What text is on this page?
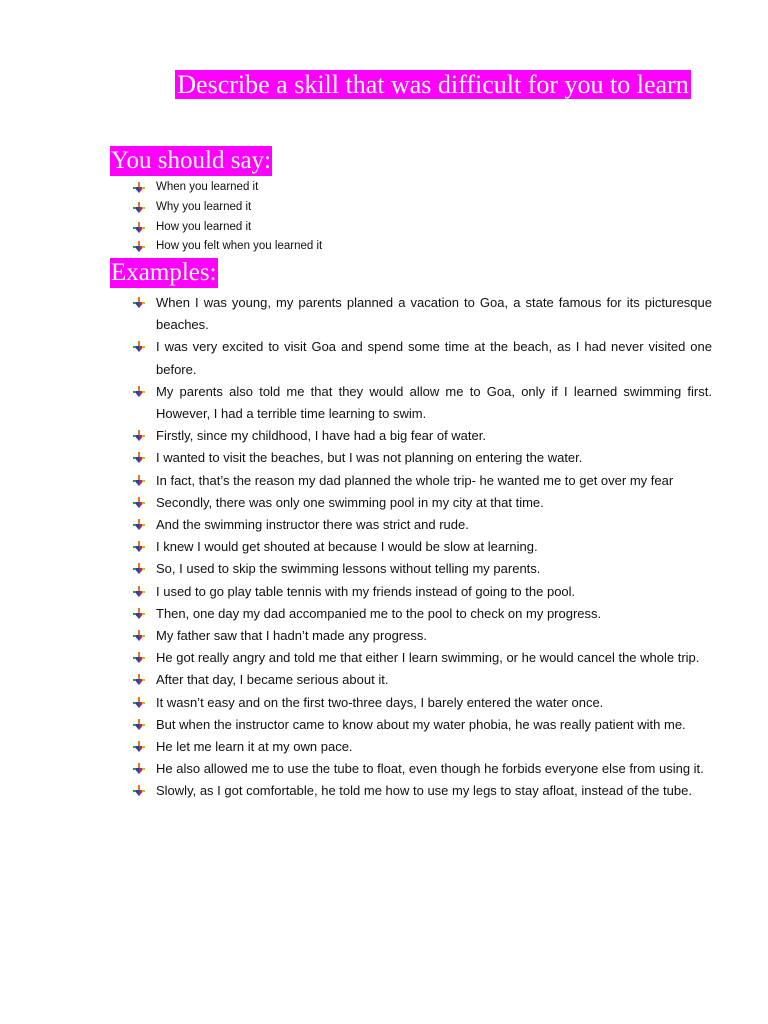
Describe a skill that was difficult for you to learn
You should say:
When you learned it
Why you learned it
How you learned it
How you felt when you learned it
Examples:
When I was young, my parents planned a vacation to Goa, a state famous for its picturesque beaches.
I was very excited to visit Goa and spend some time at the beach, as I had never visited one before.
My parents also told me that they would allow me to Goa, only if I learned swimming first. However, I had a terrible time learning to swim.
Firstly, since my childhood, I have had a big fear of water.
I wanted to visit the beaches, but I was not planning on entering the water.
In fact, that’s the reason my dad planned the whole trip- he wanted me to get over my fear
Secondly, there was only one swimming pool in my city at that time.
And the swimming instructor there was strict and rude.
I knew I would get shouted at because I would be slow at learning.
So, I used to skip the swimming lessons without telling my parents.
I used to go play table tennis with my friends instead of going to the pool.
Then, one day my dad accompanied me to the pool to check on my progress.
My father saw that I hadn’t made any progress.
He got really angry and told me that either I learn swimming, or he would cancel the whole trip.
After that day, I became serious about it.
It wasn’t easy and on the first two-three days, I barely entered the water once.
But when the instructor came to know about my water phobia, he was really patient with me.
He let me learn it at my own pace.
He also allowed me to use the tube to float, even though he forbids everyone else from using it.
Slowly, as I got comfortable, he told me how to use my legs to stay afloat, instead of the tube.
